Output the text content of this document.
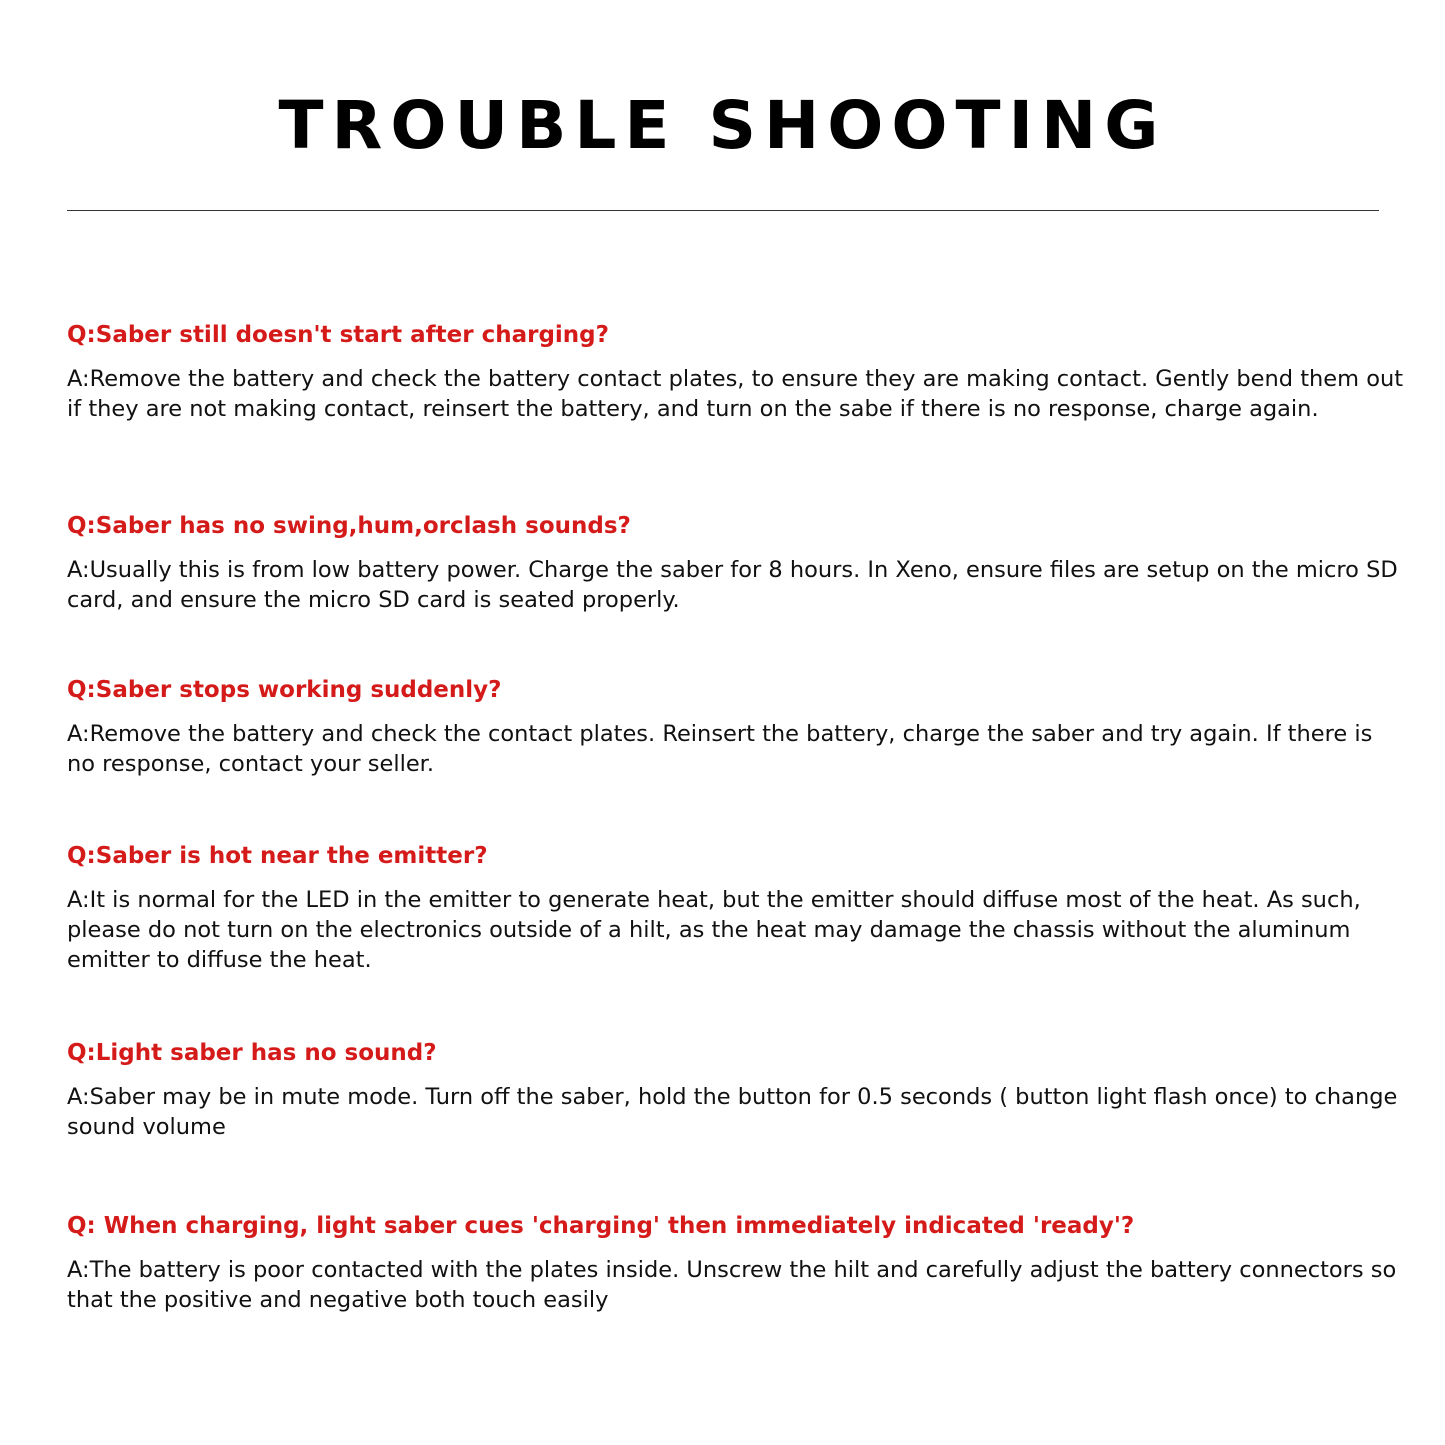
TROUBLE SHOOTING

Q:Saber still doesn't start after charging?

A:Remove the battery and check the battery contact plates, to ensure they are making contact. Gently bend them out if they are not making contact, reinsert the battery, and turn on the sabe if there is no response, charge again.

Q:Saber has no swing,hum,orclash sounds?

A:Usually this is from low battery power. Charge the saber for 8 hours. In Xeno, ensure files are setup on the micro SD card, and ensure the micro SD card is seated properly.

Q:Saber stops working suddenly?

A:Remove the battery and check the contact plates. Reinsert the battery, charge the saber and try again. If there is no response, contact your seller.

Q:Saber is hot near the emitter?

A:It is normal for the LED in the emitter to generate heat, but the emitter should diffuse most of the heat. As such, please do not turn on the electronics outside of a hilt, as the heat may damage the chassis without the aluminum emitter to diffuse the heat.

Q:Light saber has no sound?

A:Saber may be in mute mode. Turn off the saber, hold the button for 0.5 seconds ( button light flash once) to change sound volume

Q: When charging, light saber cues 'charging' then immediately indicated 'ready'?

A:The battery is poor contacted with the plates inside. Unscrew the hilt and carefully adjust the battery connectors so that the positive and negative both touch easily
